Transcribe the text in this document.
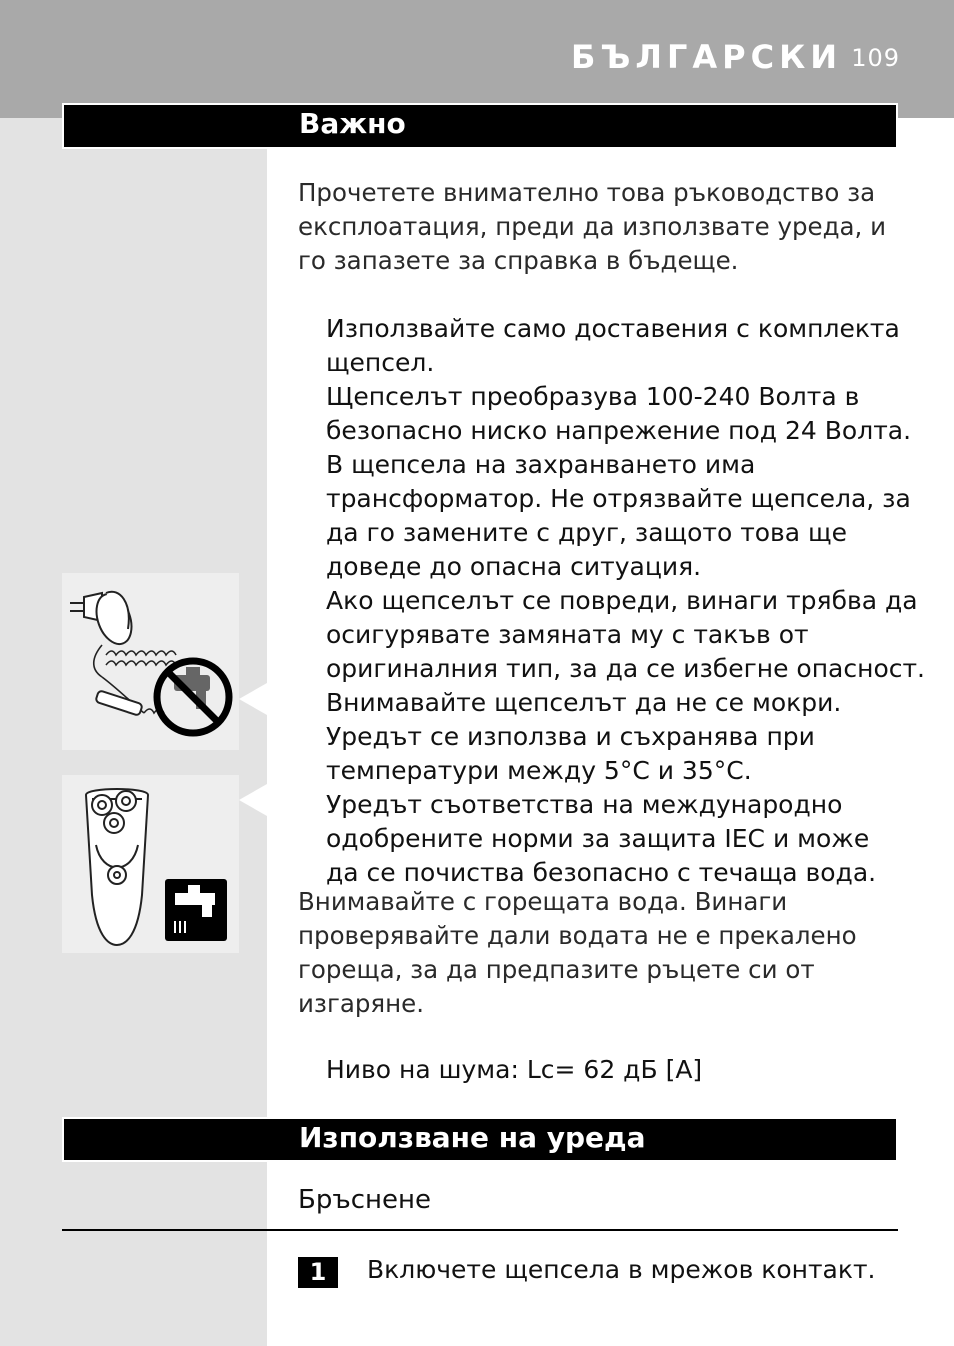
БЪЛГАРСКИ 109
Важно
Прочетете внимателно това ръководство за експлоатация, преди да използвате уреда, и го запазете за справка в бъдеще.
Използвайте само доставения с комплекта
щепсел.
Щепселът преобразува 100-240 Волта в
безопасно ниско напрежение под 24 Волта.
В щепсела на захранването има
трансформатор. Не отрязвайте щепсела, за
да го замените с друг, защото това ще
доведе до опасна ситуация.
Ако щепселът се повреди, винаги трябва да
осигурявате замяната му с такъв от
оригиналния тип, за да се избегне опасност.
Внимавайте щепселът да не се мокри.
Уредът се използва и съхранява при
температури между 5°C и 35°C.
Уредът съответства на международно
одобрените норми за защита IEC и може
да се почиства безопасно с течаща вода.
Внимавайте с горещата вода. Винаги проверявайте дали водата не е прекалено гореща, за да предпазите ръцете си от изгаряне.
Ниво на шума: Lc= 62 дБ [A]
Използване на уреда
Бръснене
1	Включете щепсела в мрежов контакт.
